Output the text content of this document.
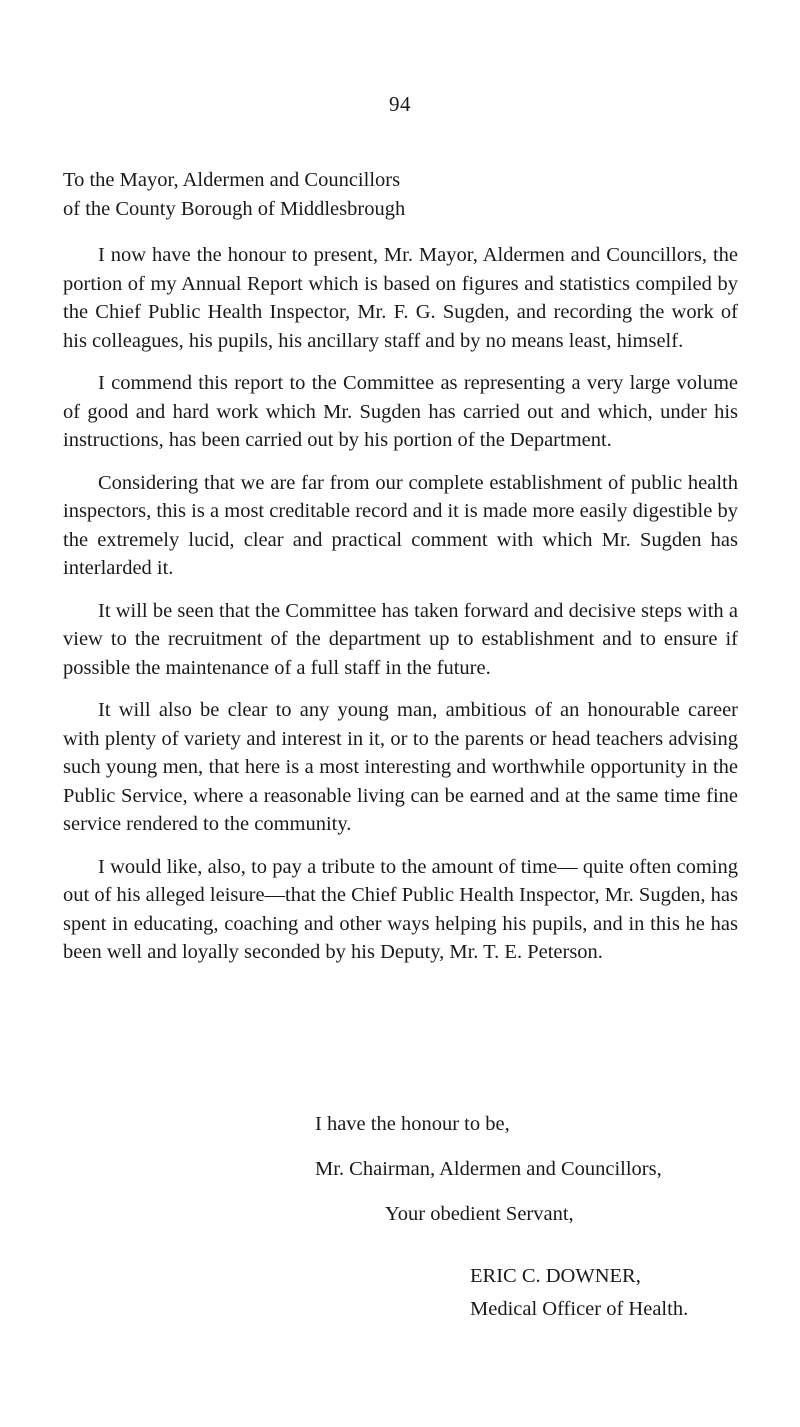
94
To the Mayor, Aldermen and Councillors
of the County Borough of Middlesbrough

I now have the honour to present, Mr. Mayor, Aldermen and Councillors, the portion of my Annual Report which is based on figures and statistics compiled by the Chief Public Health Inspector, Mr. F. G. Sugden, and recording the work of his colleagues, his pupils, his ancillary staff and by no means least, himself.

I commend this report to the Committee as representing a very large volume of good and hard work which Mr. Sugden has carried out and which, under his instructions, has been carried out by his portion of the Department.

Considering that we are far from our complete establishment of public health inspectors, this is a most creditable record and it is made more easily digestible by the extremely lucid, clear and practical comment with which Mr. Sugden has interlarded it.

It will be seen that the Committee has taken forward and decisive steps with a view to the recruitment of the department up to establishment and to ensure if possible the maintenance of a full staff in the future.

It will also be clear to any young man, ambitious of an honourable career with plenty of variety and interest in it, or to the parents or head teachers advising such young men, that here is a most interesting and worthwhile opportunity in the Public Service, where a reasonable living can be earned and at the same time fine service rendered to the community.

I would like, also, to pay a tribute to the amount of time— quite often coming out of his alleged leisure—that the Chief Public Health Inspector, Mr. Sugden, has spent in educating, coaching and other ways helping his pupils, and in this he has been well and loyally seconded by his Deputy, Mr. T. E. Peterson.

I have the honour to be,
Mr. Chairman, Aldermen and Councillors,
Your obedient Servant,
ERIC C. DOWNER,
Medical Officer of Health.
